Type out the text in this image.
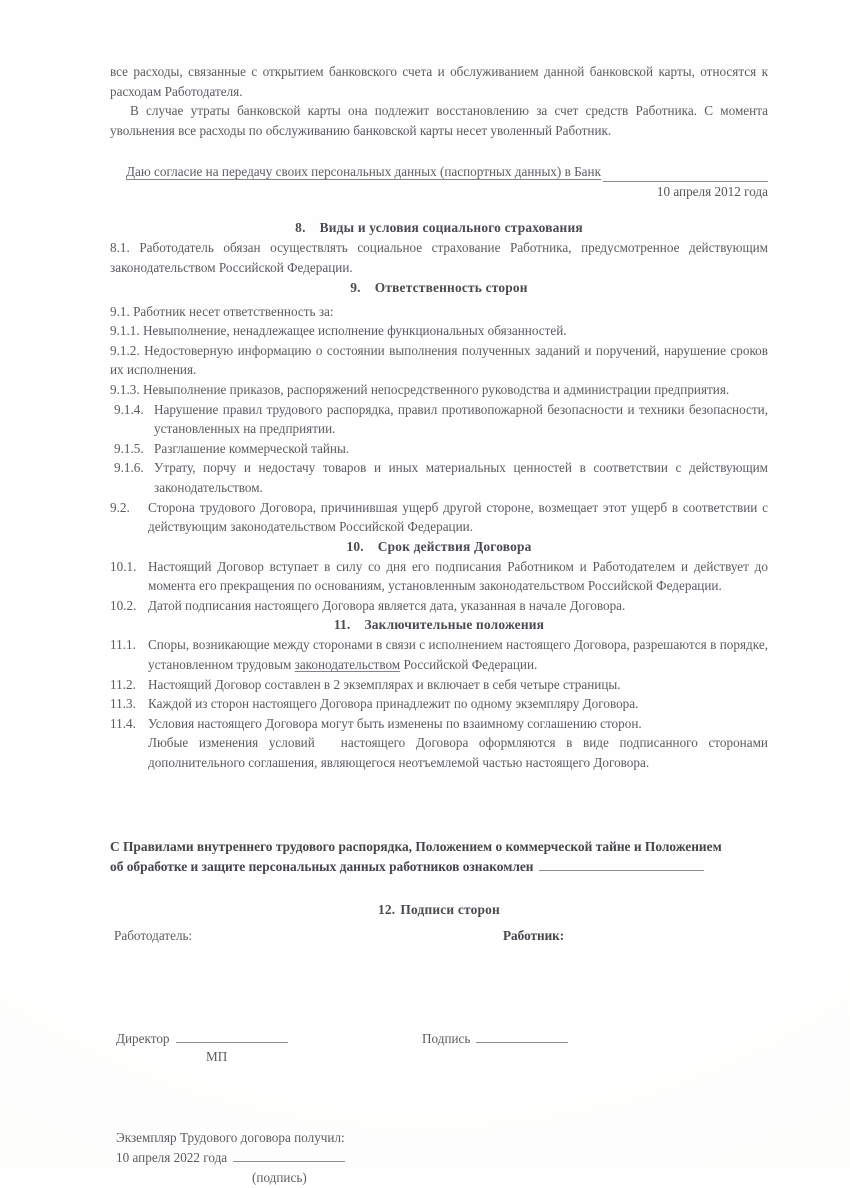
все расходы, связанные с открытием банковского счета и обслуживанием данной банковской карты, относятся к расходам Работодателя.

В случае утраты банковской карты она подлежит восстановлению за счет средств Работника. С момента увольнения все расходы по обслуживанию банковской карты несет уволенный Работник.

Даю согласие на передачу своих персональных данных (паспортных данных) в Банк

10 апреля 2012 года

8. Виды и условия социального страхования

8.1. Работодатель обязан осуществлять социальное страхование Работника, предусмотренное действующим законодательством Российской Федерации.

9. Ответственность сторон

9.1. Работник несет ответственность за:

9.1.1. Невыполнение, ненадлежащее исполнение функциональных обязанностей.

9.1.2. Недостоверную информацию о состоянии выполнения полученных заданий и поручений, нарушение сроков их исполнения.

9.1.3. Невыполнение приказов, распоряжений непосредственного руководства и администрации предприятия.

9.1.4. Нарушение правил трудового распорядка, правил противопожарной безопасности и техники безопасности, установленных на предприятии.
9.1.5. Разглашение коммерческой тайны.
9.1.6. Утрату, порчу и недостачу товаров и иных материальных ценностей в соответствии с действующим законодательством.
9.2.	Сторона трудового Договора, причинившая ущерб другой стороне, возмещает этот ущерб в соответствии с действующим законодательством Российской Федерации.

10. Срок действия Договора

10.1. Настоящий Договор вступает в силу со дня его подписания Работником и Работодателем и действует до момента его прекращения по основаниям, установленным законодательством Российской Федерации.
10.2. Датой подписания настоящего Договора является дата, указанная в начале Договора.

11. Заключительные положения

11.1. Споры, возникающие между сторонами в связи с исполнением настоящего Договора, разрешаются в порядке, установленном трудовым законодательством Российской Федерации.
11.2. Настоящий Договор составлен в 2 экземплярах и включает в себя четыре страницы.
11.3. Каждой из сторон настоящего Договора принадлежит по одному экземпляру Договора.
11.4. Условия настоящего Договора могут быть изменены по взаимному соглашению сторон.
Любые изменения условий настоящего Договора оформляются в виде подписанного сторонами дополнительного соглашения, являющегося неотъемлемой частью настоящего Договора.

С Правилами внутреннего трудового распорядка, Положением о коммерческой тайне и Положением

об обработке и защите персональных данных работников ознакомлен

12. Подписи сторон

Работодатель:	Работник:
Директор
МП
Подпись
Экземпляр Трудового договора получил:
10 апреля 2022 года
(подпись)
